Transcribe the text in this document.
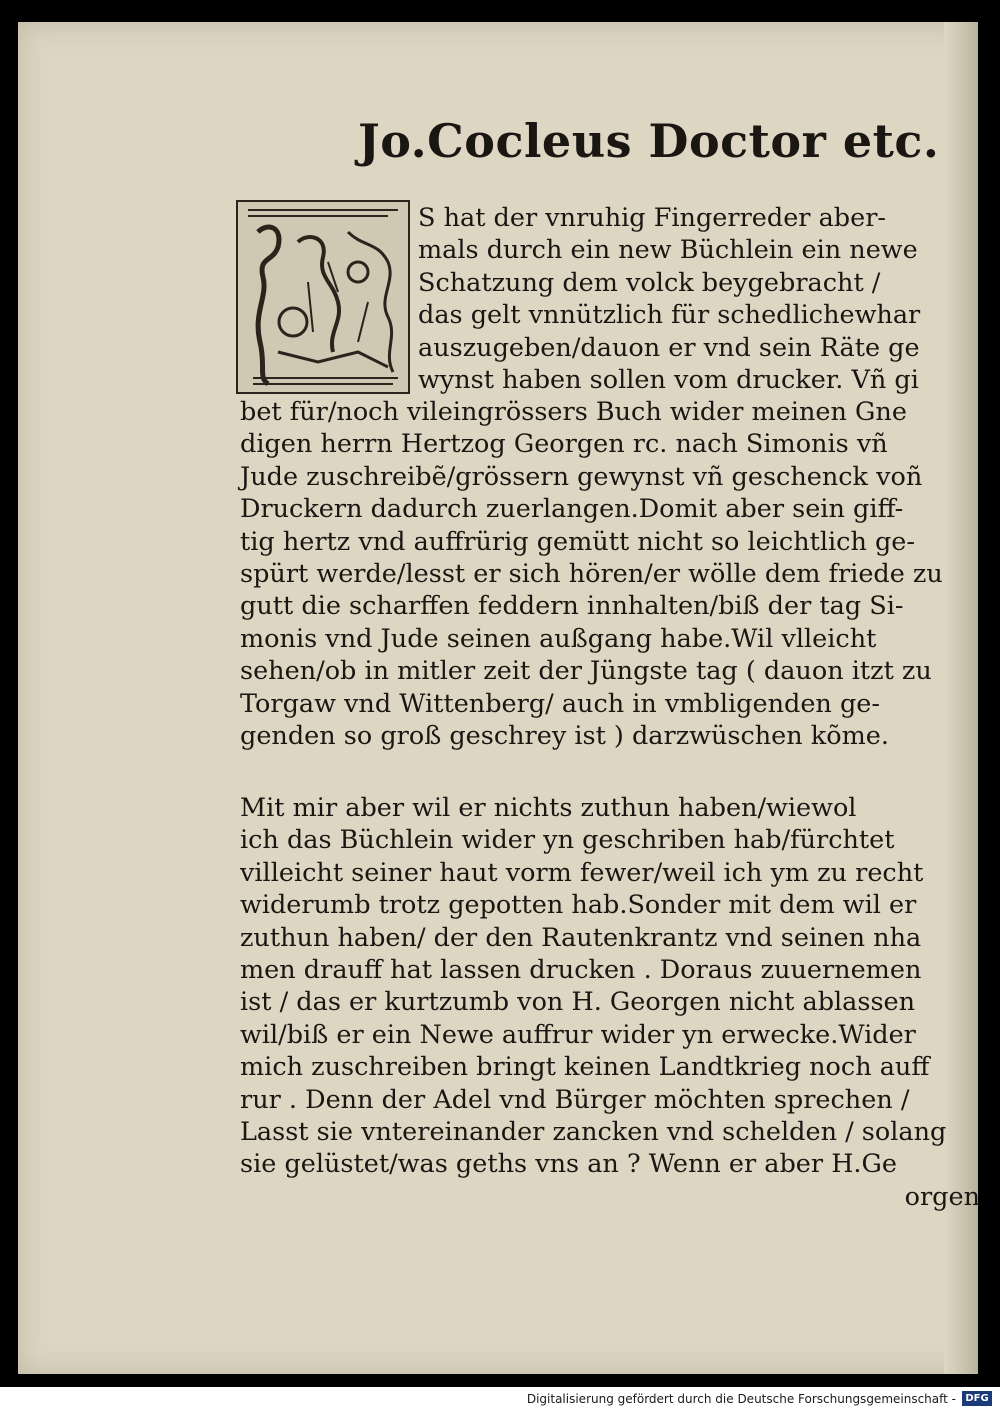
Jo.Cocleus Doctor etc.
S hat der vnruhig Fingerreder aber-
mals durch ein new Büchlein ein newe
Schatzung dem volck beygebracht /
das gelt vnnützlich für schedlichewhar
auszugeben/dauon er vnd sein Räte ge
wynst haben sollen vom drucker. Vñ gi
bet für/noch vileingrössers Buch wider meinen Gne
digen herrn Hertzog Georgen rc. nach Simonis vñ
Jude zuschreibẽ/grössern gewynst vñ geschenck voñ
Druckern dadurch zuerlangen.Domit aber sein giff-
tig hertz vnd auffrürig gemütt nicht so leichtlich ge-
spürt werde/lesst er sich hören/er wölle dem friede zu
gutt die scharffen feddern innhalten/biß der tag Si-
monis vnd Jude seinen außgang habe.Wil vlleicht
sehen/ob in mitler zeit der Jüngste tag ( dauon itzt zu
Torgaw vnd Wittenberg/ auch in vmbligenden ge-
genden so groß geschrey ist ) darzwüschen kõme.
Mit mir aber wil er nichts zuthun haben/wiewol
ich das Büchlein wider yn geschriben hab/fürchtet
villeicht seiner haut vorm fewer/weil ich ym zu recht
widerumb trotz gepotten hab.Sonder mit dem wil er
zuthun haben/ der den Rautenkrantz vnd seinen nha
men drauff hat lassen drucken . Doraus zuuernemen
ist / das er kurtzumb von H. Georgen nicht ablassen
wil/biß er ein Newe auffrur wider yn erwecke.Wider
mich zuschreiben bringt keinen Landtkrieg noch auff
rur . Denn der Adel vnd Bürger möchten sprechen /
Lasst sie vntereinander zancken vnd schelden / solang
sie gelüstet/was geths vns an ? Wenn er aber H.Ge
orgen
Digitalisierung gefördert durch die Deutsche Forschungsgemeinschaft - DFG
